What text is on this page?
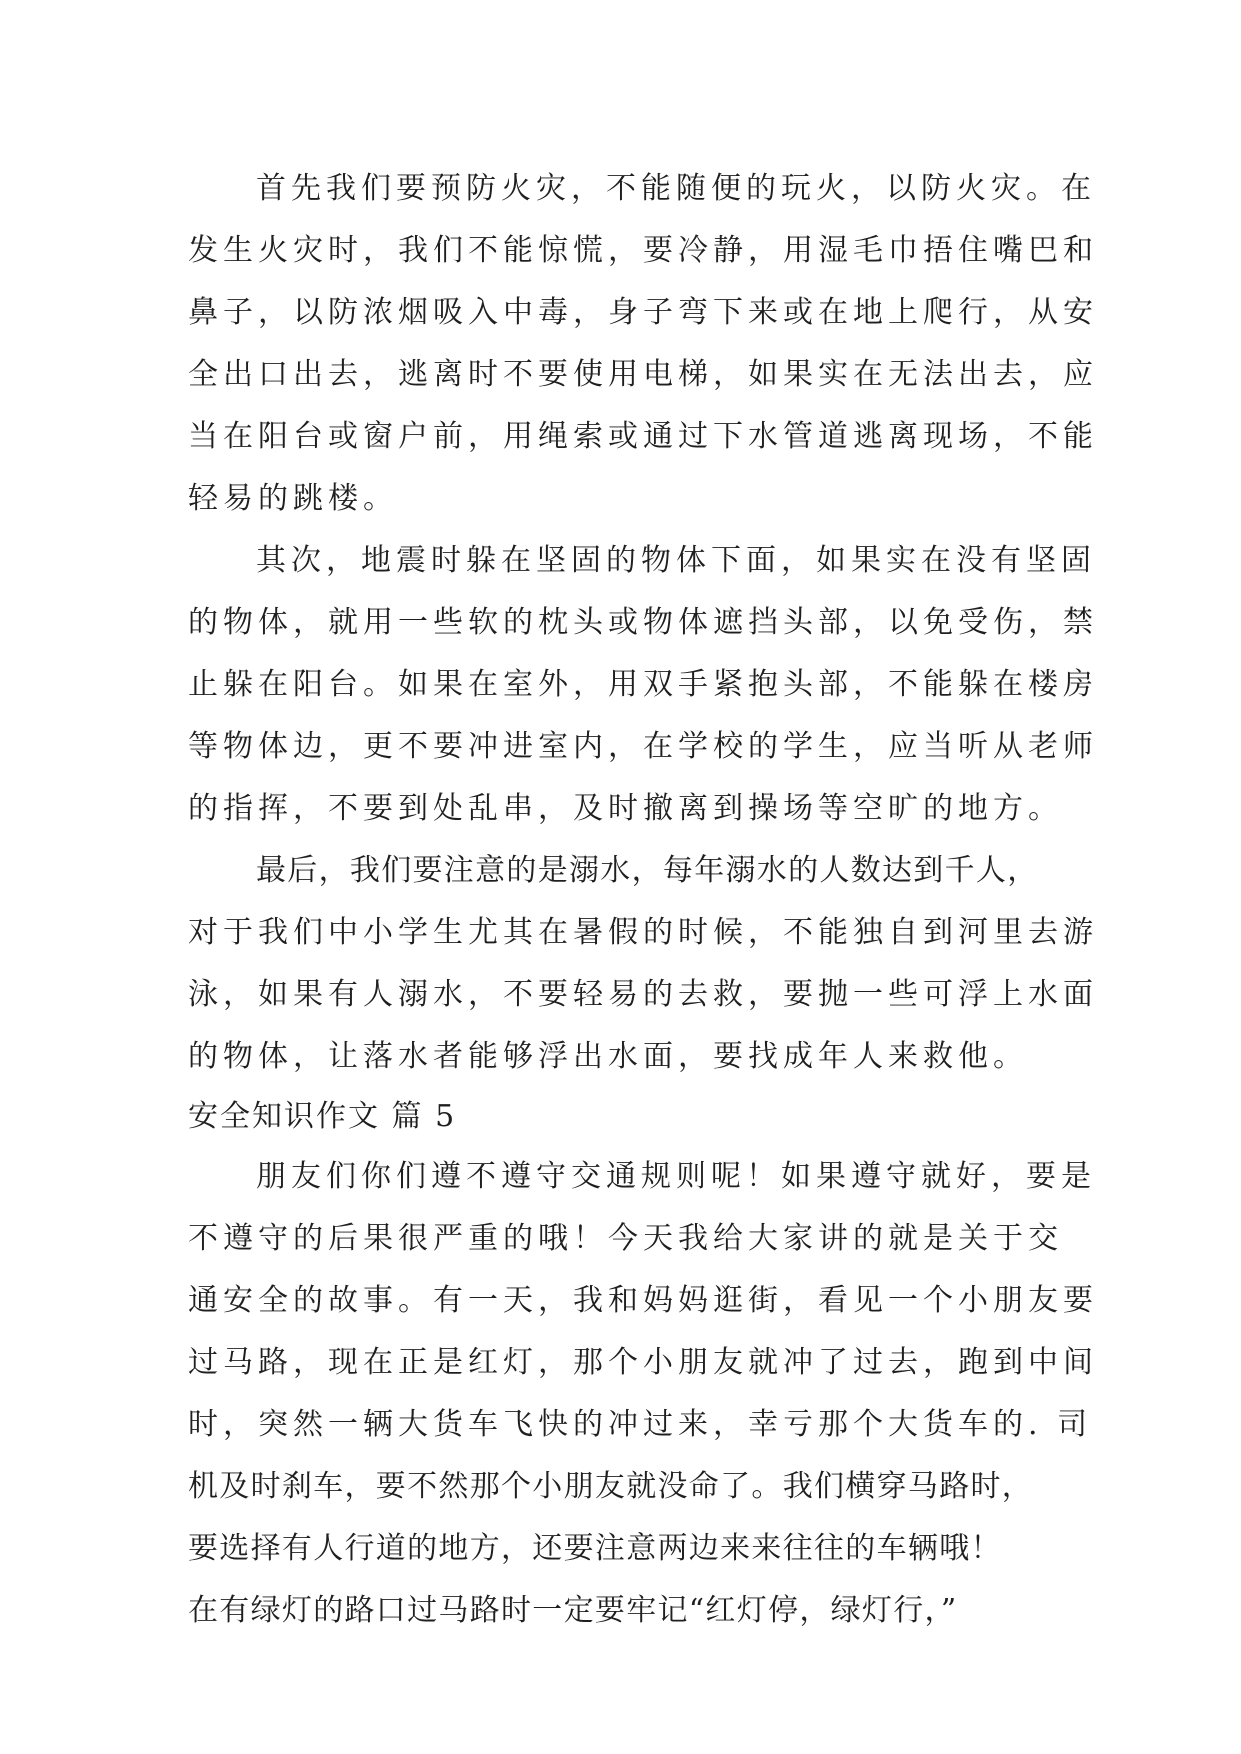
首先我们要预防火灾，不能随便的玩火，以防火灾。在
发生火灾时，我们不能惊慌，要冷静，用湿毛巾捂住嘴巴和
鼻子，以防浓烟吸入中毒，身子弯下来或在地上爬行，从安
全出口出去，逃离时不要使用电梯，如果实在无法出去，应
当在阳台或窗户前，用绳索或通过下水管道逃离现场，不能
轻易的跳楼。
其次，地震时躲在坚固的物体下面，如果实在没有坚固
的物体，就用一些软的枕头或物体遮挡头部，以免受伤，禁
止躲在阳台。如果在室外，用双手紧抱头部，不能躲在楼房
等物体边，更不要冲进室内，在学校的学生，应当听从老师
的指挥，不要到处乱串，及时撤离到操场等空旷的地方。
最后，我们要注意的是溺水，每年溺水的人数达到千人，
对于我们中小学生尤其在暑假的时候，不能独自到河里去游
泳，如果有人溺水，不要轻易的去救，要抛一些可浮上水面
的物体，让落水者能够浮出水面，要找成年人来救他。
安全知识作文 篇 5
朋友们你们遵不遵守交通规则呢！如果遵守就好，要是
不遵守的后果很严重的哦！今天我给大家讲的就是关于交
通安全的故事。有一天，我和妈妈逛街，看见一个小朋友要
过马路，现在正是红灯，那个小朋友就冲了过去，跑到中间
时，突然一辆大货车飞快的冲过来，幸亏那个大货车的. 司
机及时刹车，要不然那个小朋友就没命了。我们横穿马路时，
要选择有人行道的地方，还要注意两边来来往往的车辆哦！
在有绿灯的路口过马路时一定要牢记“红灯停，绿灯行，”
